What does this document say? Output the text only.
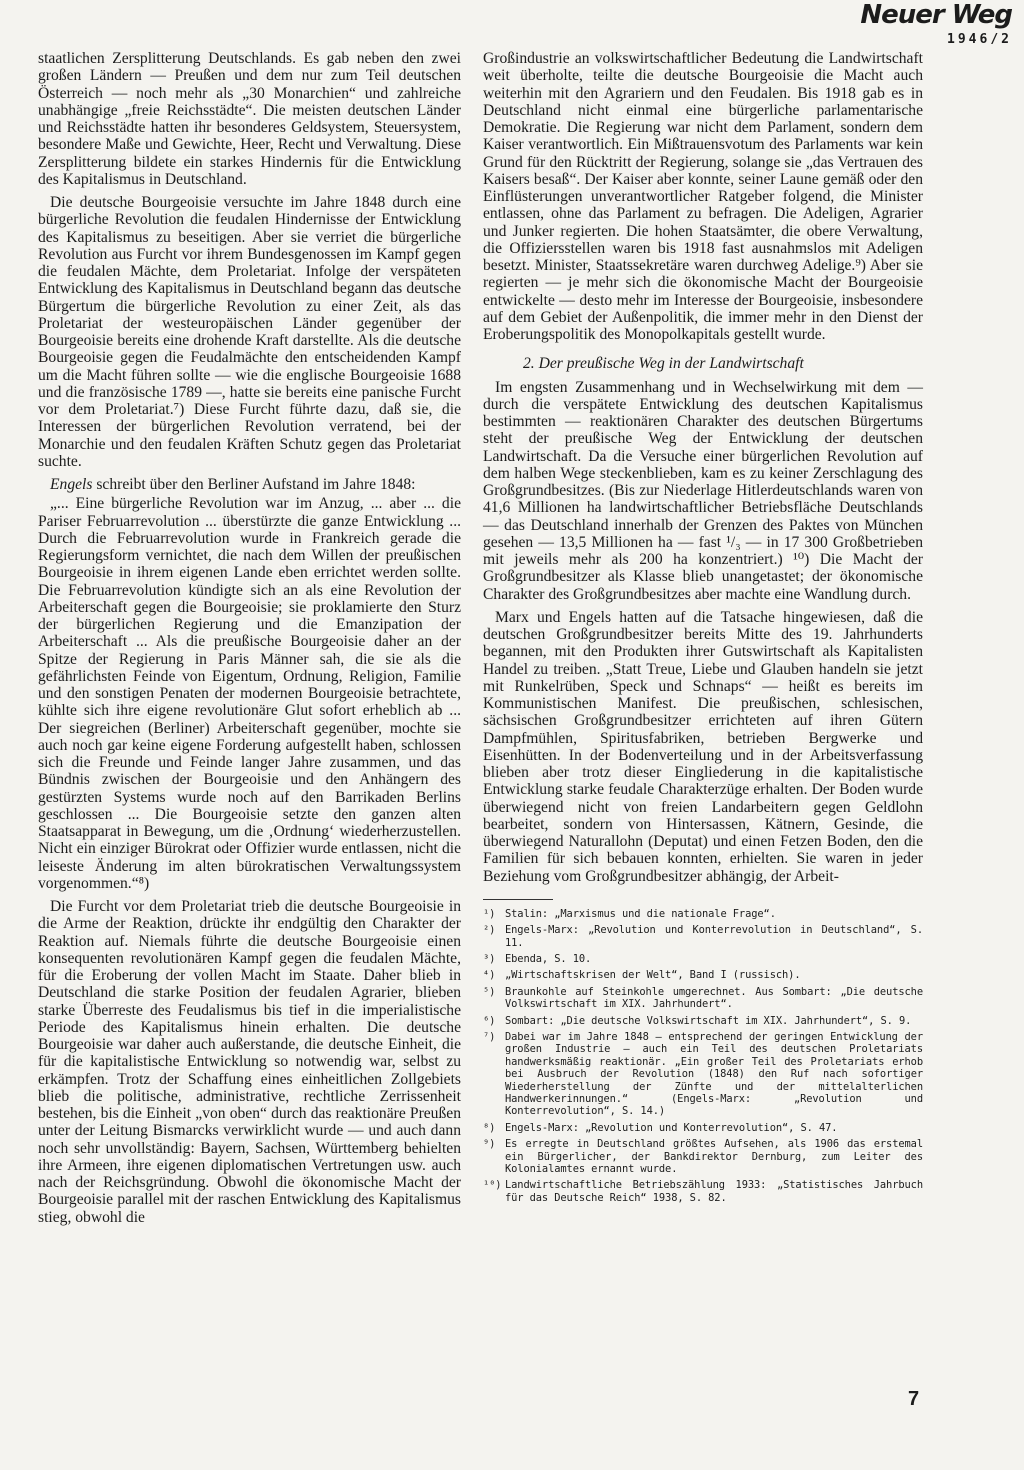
Neuer Weg
1946/2

staatlichen Zersplitterung Deutschlands. Es gab neben den zwei großen Ländern — Preußen und dem nur zum Teil deutschen Österreich — noch mehr als „30 Monarchien“ und zahlreiche unabhängige „freie Reichsstädte“. Die meisten deutschen Länder und Reichsstädte hatten ihr besonderes Geldsystem, Steuersystem, besondere Maße und Gewichte, Heer, Recht und Verwaltung. Diese Zersplitterung bildete ein starkes Hindernis für die Entwicklung des Kapitalismus in Deutschland.

Die deutsche Bourgeoisie versuchte im Jahre 1848 durch eine bürgerliche Revolution die feudalen Hindernisse der Entwicklung des Kapitalismus zu beseitigen. Aber sie verriet die bürgerliche Revolution aus Furcht vor ihrem Bundesgenossen im Kampf gegen die feudalen Mächte, dem Proletariat. Infolge der verspäteten Entwicklung des Kapitalismus in Deutschland begann das deutsche Bürgertum die bürgerliche Revolution zu einer Zeit, als das Proletariat der westeuropäischen Länder gegenüber der Bourgeoisie bereits eine drohende Kraft darstellte. Als die deutsche Bourgeoisie gegen die Feudalmächte den entscheidenden Kampf um die Macht führen sollte — wie die englische Bourgeoisie 1688 und die französische 1789 —, hatte sie bereits eine panische Furcht vor dem Proletariat.⁷) Diese Furcht führte dazu, daß sie, die Interessen der bürgerlichen Revolution verratend, bei der Monarchie und den feudalen Kräften Schutz gegen das Proletariat suchte.

Engels schreibt über den Berliner Aufstand im Jahre 1848:

„... Eine bürgerliche Revolution war im Anzug, ... aber ... die Pariser Februarrevolution ... überstürzte die ganze Entwicklung ... Durch die Februarrevolution wurde in Frankreich gerade die Regierungsform vernichtet, die nach dem Willen der preußischen Bourgeoisie in ihrem eigenen Lande eben errichtet werden sollte. Die Februarrevolution kündigte sich an als eine Revolution der Arbeiterschaft gegen die Bourgeoisie; sie proklamierte den Sturz der bürgerlichen Regierung und die Emanzipation der Arbeiterschaft ... Als die preußische Bourgeoisie daher an der Spitze der Regierung in Paris Männer sah, die sie als die gefährlichsten Feinde von Eigentum, Ordnung, Religion, Familie und den sonstigen Penaten der modernen Bourgeoisie betrachtete, kühlte sich ihre eigene revolutionäre Glut sofort erheblich ab ... Der siegreichen (Berliner) Arbeiterschaft gegenüber, mochte sie auch noch gar keine eigene Forderung aufgestellt haben, schlossen sich die Freunde und Feinde langer Jahre zusammen, und das Bündnis zwischen der Bourgeoisie und den Anhängern des gestürzten Systems wurde noch auf den Barrikaden Berlins geschlossen ... Die Bourgeoisie setzte den ganzen alten Staatsapparat in Bewegung, um die ‚Ordnung‘ wiederherzustellen. Nicht ein einziger Bürokrat oder Offizier wurde entlassen, nicht die leiseste Änderung im alten bürokratischen Verwaltungssystem vorgenommen.“⁸)

Die Furcht vor dem Proletariat trieb die deutsche Bourgeoisie in die Arme der Reaktion, drückte ihr endgültig den Charakter der Reaktion auf. Niemals führte die deutsche Bourgeoisie einen konsequenten revolutionären Kampf gegen die feudalen Mächte, für die Eroberung der vollen Macht im Staate. Daher blieb in Deutschland die starke Position der feudalen Agrarier, blieben starke Überreste des Feudalismus bis tief in die imperialistische Periode des Kapitalismus hinein erhalten. Die deutsche Bourgeoisie war daher auch außerstande, die deutsche Einheit, die für die kapitalistische Entwicklung so notwendig war, selbst zu erkämpfen. Trotz der Schaffung eines einheitlichen Zollgebiets blieb die politische, administrative, rechtliche Zerrissenheit bestehen, bis die Einheit „von oben“ durch das reaktionäre Preußen unter der Leitung Bismarcks verwirklicht wurde — und auch dann noch sehr unvollständig: Bayern, Sachsen, Württemberg behielten ihre Armeen, ihre eigenen diplomatischen Vertretungen usw. auch nach der Reichsgründung. Obwohl die ökonomische Macht der Bourgeoisie parallel mit der raschen Entwicklung des Kapitalismus stieg, obwohl die

Großindustrie an volkswirtschaftlicher Bedeutung die Landwirtschaft weit überholte, teilte die deutsche Bourgeoisie die Macht auch weiterhin mit den Agrariern und den Feudalen. Bis 1918 gab es in Deutschland nicht einmal eine bürgerliche parlamentarische Demokratie. Die Regierung war nicht dem Parlament, sondern dem Kaiser verantwortlich. Ein Mißtrauensvotum des Parlaments war kein Grund für den Rücktritt der Regierung, solange sie „das Vertrauen des Kaisers besaß“. Der Kaiser aber konnte, seiner Laune gemäß oder den Einflüsterungen unverantwortlicher Ratgeber folgend, die Minister entlassen, ohne das Parlament zu befragen. Die Adeligen, Agrarier und Junker regierten. Die hohen Staatsämter, die obere Verwaltung, die Offiziersstellen waren bis 1918 fast ausnahmslos mit Adeligen besetzt. Minister, Staatssekretäre waren durchweg Adelige.⁹) Aber sie regierten — je mehr sich die ökonomische Macht der Bourgeoisie entwickelte — desto mehr im Interesse der Bourgeoisie, insbesondere auf dem Gebiet der Außenpolitik, die immer mehr in den Dienst der Eroberungspolitik des Monopolkapitals gestellt wurde.

2. Der preußische Weg in der Landwirtschaft

Im engsten Zusammenhang und in Wechselwirkung mit dem — durch die verspätete Entwicklung des deutschen Kapitalismus bestimmten — reaktionären Charakter des deutschen Bürgertums steht der preußische Weg der Entwicklung der deutschen Landwirtschaft. Da die Versuche einer bürgerlichen Revolution auf dem halben Wege steckenblieben, kam es zu keiner Zerschlagung des Großgrundbesitzes. (Bis zur Niederlage Hitlerdeutschlands waren von 41,6 Millionen ha landwirtschaftlicher Betriebsfläche Deutschlands — das Deutschland innerhalb der Grenzen des Paktes von München gesehen — 13,5 Millionen ha — fast ¹/₃ — in 17 300 Großbetrieben mit jeweils mehr als 200 ha konzentriert.) ¹⁰) Die Macht der Großgrundbesitzer als Klasse blieb unangetastet; der ökonomische Charakter des Großgrundbesitzes aber machte eine Wandlung durch.

Marx und Engels hatten auf die Tatsache hingewiesen, daß die deutschen Großgrundbesitzer bereits Mitte des 19. Jahrhunderts begannen, mit den Produkten ihrer Gutswirtschaft als Kapitalisten Handel zu treiben. „Statt Treue, Liebe und Glauben handeln sie jetzt mit Runkelrüben, Speck und Schnaps“ — heißt es bereits im Kommunistischen Manifest. Die preußischen, schlesischen, sächsischen Großgrundbesitzer errichteten auf ihren Gütern Dampfmühlen, Spiritusfabriken, betrieben Bergwerke und Eisenhütten. In der Bodenverteilung und in der Arbeitsverfassung blieben aber trotz dieser Eingliederung in die kapitalistische Entwicklung starke feudale Charakterzüge erhalten. Der Boden wurde überwiegend nicht von freien Landarbeitern gegen Geldlohn bearbeitet, sondern von Hintersassen, Kätnern, Gesinde, die überwiegend Naturallohn (Deputat) und einen Fetzen Boden, den die Familien für sich bebauen konnten, erhielten. Sie waren in jeder Beziehung vom Großgrundbesitzer abhängig, der Arbeit-

¹) Stalin: „Marxismus und die nationale Frage“.
²) Engels-Marx: „Revolution und Konterrevolution in Deutschland“, S. 11.
³) Ebenda, S. 10.
⁴) „Wirtschaftskrisen der Welt“, Band I (russisch).
⁵) Braunkohle auf Steinkohle umgerechnet. Aus Sombart: „Die deutsche Volkswirtschaft im XIX. Jahrhundert“.
⁶) Sombart: „Die deutsche Volkswirtschaft im XIX. Jahrhundert“, S. 9.
⁷) Dabei war im Jahre 1848 — entsprechend der geringen Entwicklung der großen Industrie — auch ein Teil des deutschen Proletariats handwerksmäßig reaktionär. „Ein großer Teil des Proletariats erhob bei Ausbruch der Revolution (1848) den Ruf nach sofortiger Wiederherstellung der Zünfte und der mittelalterlichen Handwerkerinnungen.“ (Engels-Marx: „Revolution und Konterrevolution“, S. 14.)
⁸) Engels-Marx: „Revolution und Konterrevolution“, S. 47.
⁹) Es erregte in Deutschland größtes Aufsehen, als 1906 das erstemal ein Bürgerlicher, der Bankdirektor Dernburg, zum Leiter des Kolonialamtes ernannt wurde.
¹⁰) Landwirtschaftliche Betriebszählung 1933: „Statistisches Jahrbuch für das Deutsche Reich“ 1938, S. 82.
7
